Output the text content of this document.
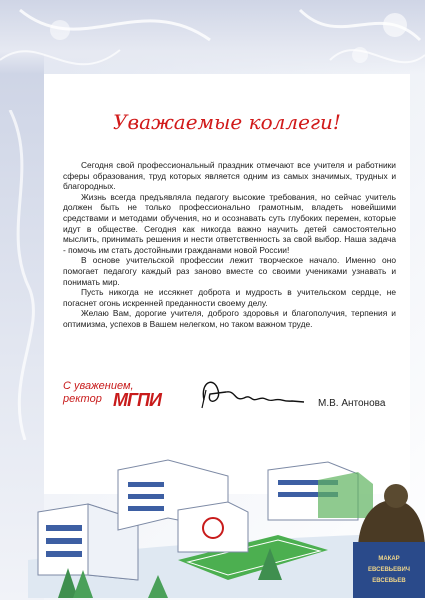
Уважаемые коллеги!

Сегодня свой профессиональный праздник отмечают все учителя и работники сферы образования, труд которых является одним из самых значимых, трудных и благородных.

Жизнь всегда предъявляла педагогу высокие требования, но сейчас учитель должен быть не только профессионально грамотным, владеть новейшими средствами и методами обучения, но и осознавать суть глубоких перемен, которые идут в обществе. Сегодня как никогда важно научить детей самостоятельно мыслить, принимать решения и нести ответственность за свой выбор. Наша задача - помочь им стать достойными гражданами новой России!

В основе учительской профессии лежит творческое начало. Именно оно помогает педагогу каждый раз заново вместе со своими учениками узнавать и понимать мир.

Пусть никогда не иссякнет доброта и мудрость в учительском сердце, не погаснет огонь искренней преданности своему делу.

Желаю Вам, дорогие учителя, доброго здоровья и благополучия, терпения и оптимизма, успехов в Вашем нелегком, но таком важном труде.

С уважением,
ректор МГПИ	М.В. Антонова
МАКАР
ЕВСЕВЬЕВИЧ
ЕВСЕВЬЕВ
